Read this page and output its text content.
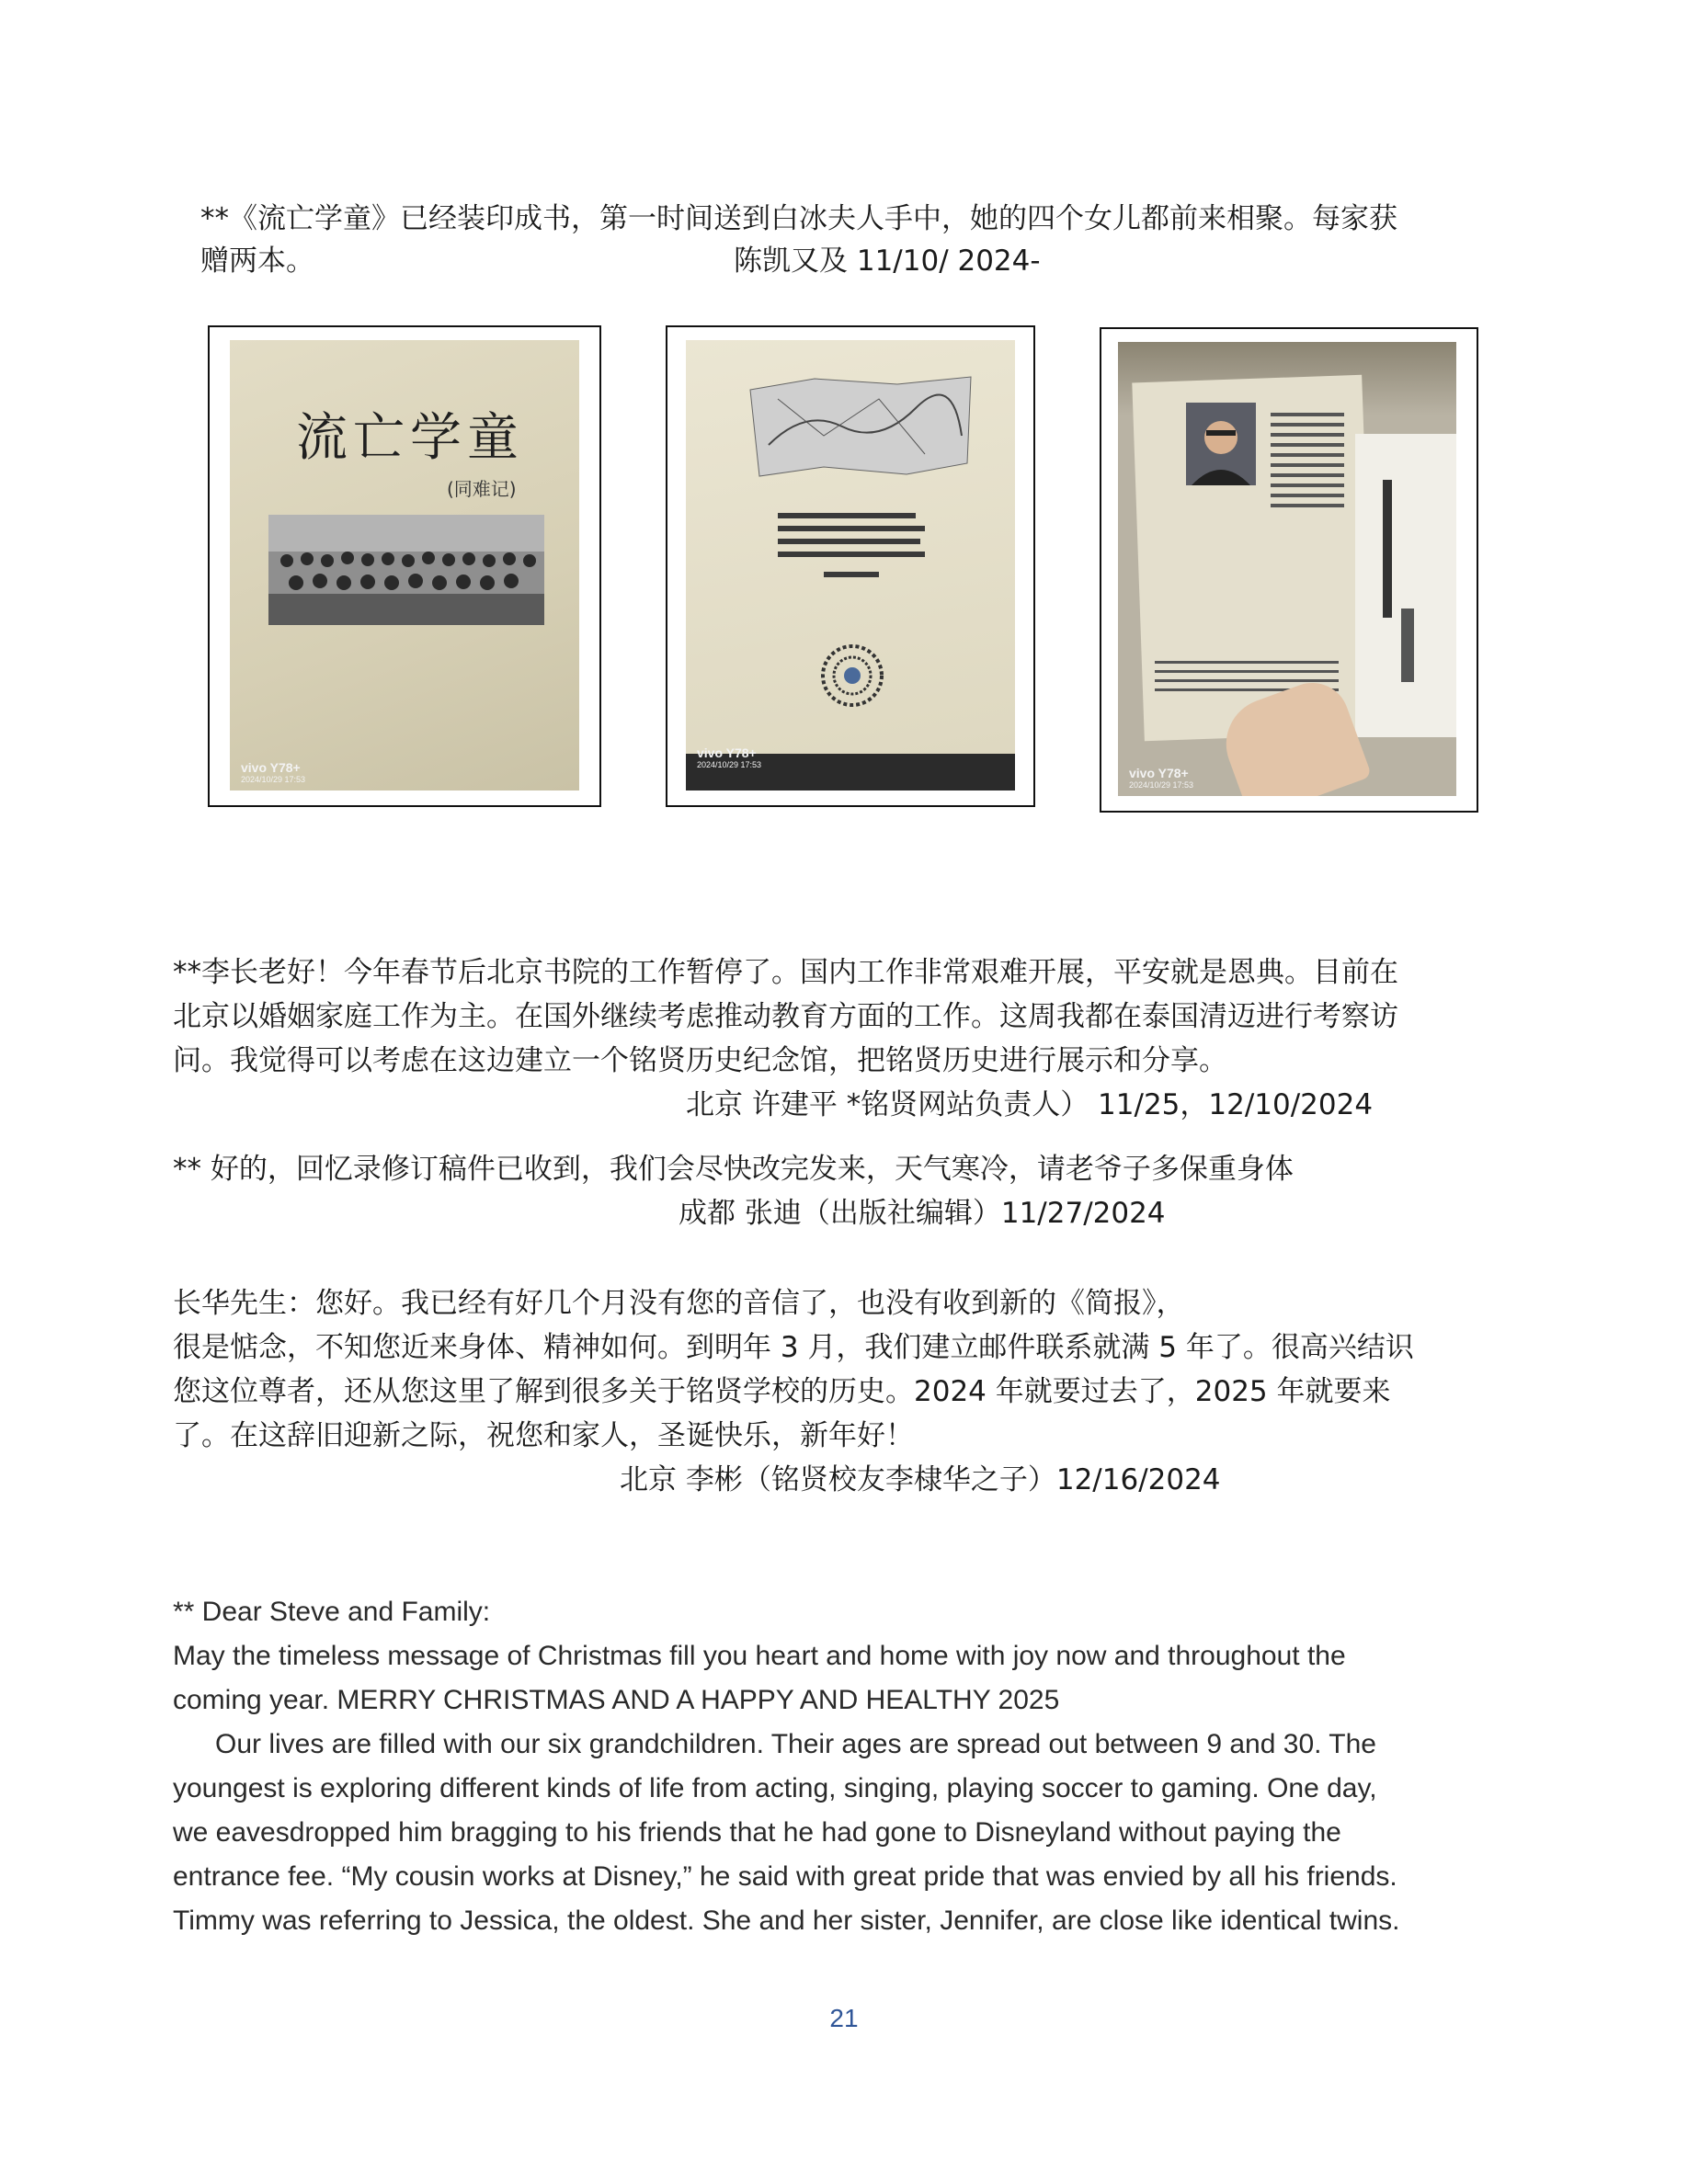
**《流亡学童》已经装印成书，第一时间送到白冰夫人手中，她的四个女儿都前来相聚。每家获
赠两本。	陈凯又及 11/10/ 2024-
流亡学童
(同难记)
vivo Y78+
2024/10/29 17:53
vivo Y78+
2024/10/29 17:53
vivo Y78+
2024/10/29 17:53
**李长老好！今年春节后北京书院的工作暂停了。国内工作非常艰难开展，平安就是恩典。目前在
北京以婚姻家庭工作为主。在国外继续考虑推动教育方面的工作。这周我都在泰国清迈进行考察访
问。我觉得可以考虑在这边建立一个铭贤历史纪念馆，把铭贤历史进行展示和分享。
北京 许建平 *铭贤网站负责人） 11/25，12/10/2024
** 好的，回忆录修订稿件已收到，我们会尽快改完发来，天气寒冷，请老爷子多保重身体
成都 张迪（出版社编辑）11/27/2024
长华先生：您好。我已经有好几个月没有您的音信了，也没有收到新的《简报》，
很是惦念，不知您近来身体、精神如何。到明年 3 月，我们建立邮件联系就满 5 年了。很高兴结识
您这位尊者，还从您这里了解到很多关于铭贤学校的历史。2024 年就要过去了，2025 年就要来
了。在这辞旧迎新之际，祝您和家人，圣诞快乐，新年好！
北京 李彬（铭贤校友李棣华之子）12/16/2024
** Dear Steve and Family:
May the timeless message of Christmas fill you heart and home with joy now and throughout the
coming year. MERRY CHRISTMAS AND A HAPPY AND HEALTHY 2025
Our lives are filled with our six grandchildren. Their ages are spread out between 9 and 30. The
youngest is exploring different kinds of life from acting, singing, playing soccer to gaming. One day,
we eavesdropped him bragging to his friends that he had gone to Disneyland without paying the
entrance fee. “My cousin works at Disney,” he said with great pride that was envied by all his friends.
Timmy was referring to Jessica, the oldest. She and her sister, Jennifer, are close like identical twins.
21
